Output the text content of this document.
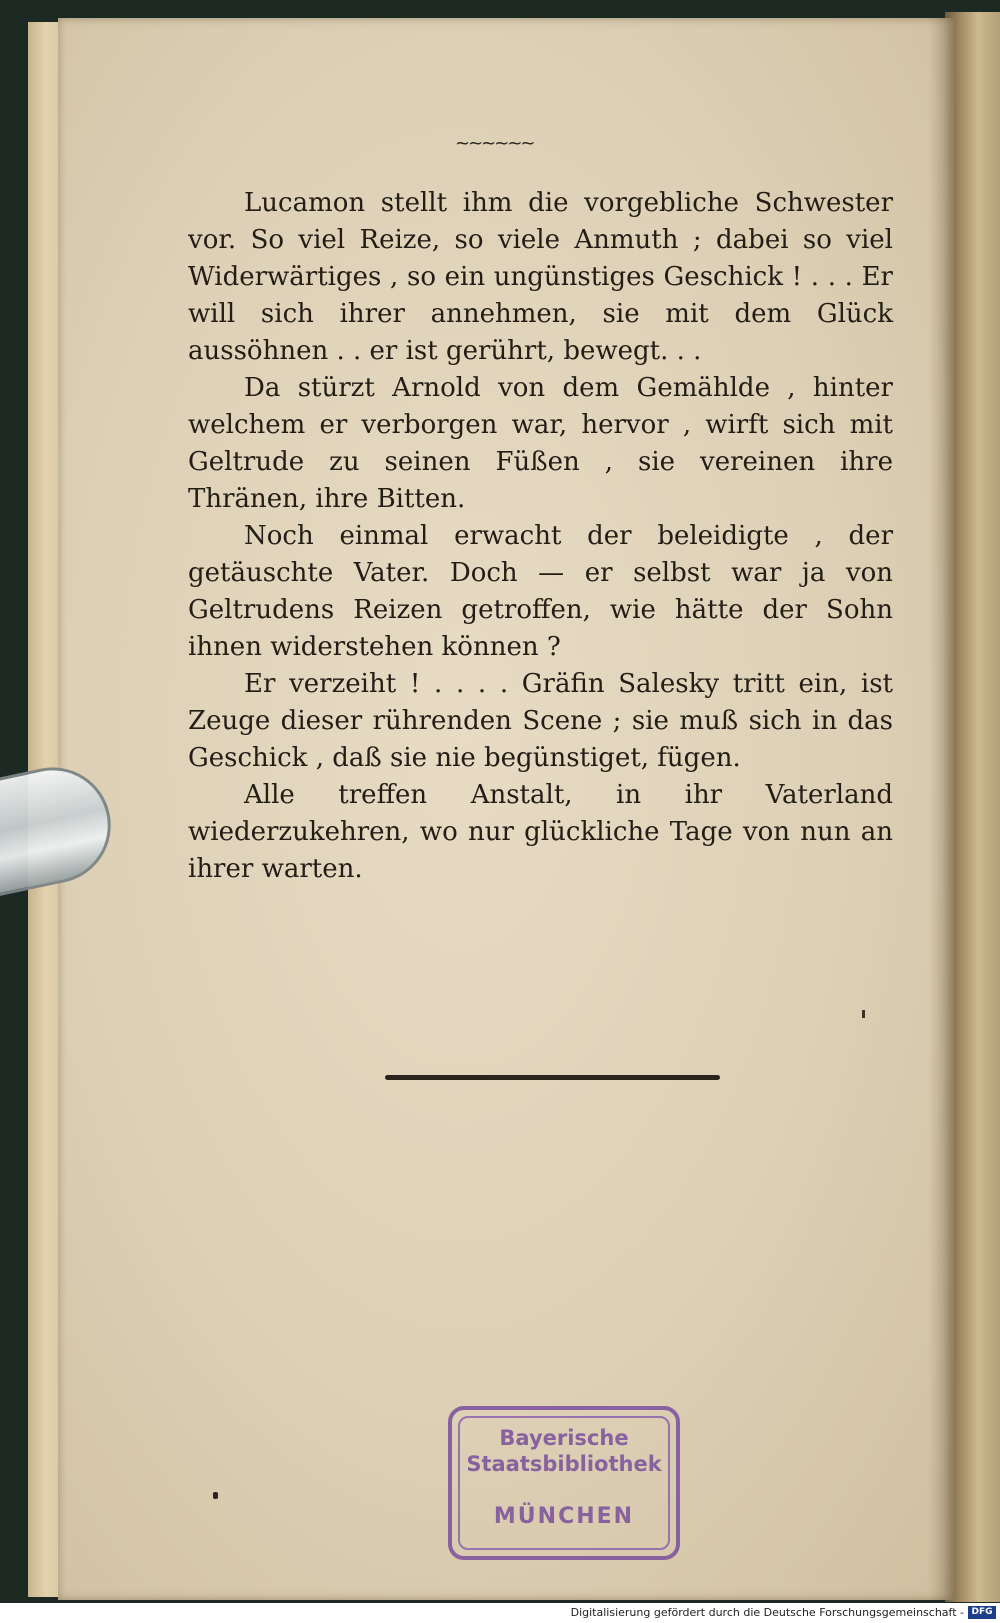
~~~~~~

Lucamon stellt ihm die vorgebliche Schwester vor. So viel Reize, so viele Anmuth ; dabei so viel Widerwärtiges , so ein ungünstiges Geschick ! . . . Er will sich ihrer annehmen, sie mit dem Glück aussöhnen . . er ist gerührt, bewegt. . .

Da stürzt Arnold von dem Gemählde , hinter welchem er verborgen war, hervor , wirft sich mit Geltrude zu seinen Füßen , sie vereinen ihre Thränen, ihre Bitten.

Noch einmal erwacht der beleidigte , der getäuschte Vater. Doch — er selbst war ja von Geltrudens Reizen getroffen, wie hätte der Sohn ihnen widerstehen können ?

Er verzeiht ! . . . . Gräfin Salesky tritt ein, ist Zeuge dieser rührenden Scene ; sie muß sich in das Geschick , daß sie nie begünstiget, fügen.

Alle treffen Anstalt, in ihr Vaterland wiederzukehren, wo nur glückliche Tage von nun an ihrer warten.

Bayerische
Staatsbibliothek
MÜNCHEN
Digitalisierung gefördert durch die Deutsche Forschungsgemeinschaft - DFG
